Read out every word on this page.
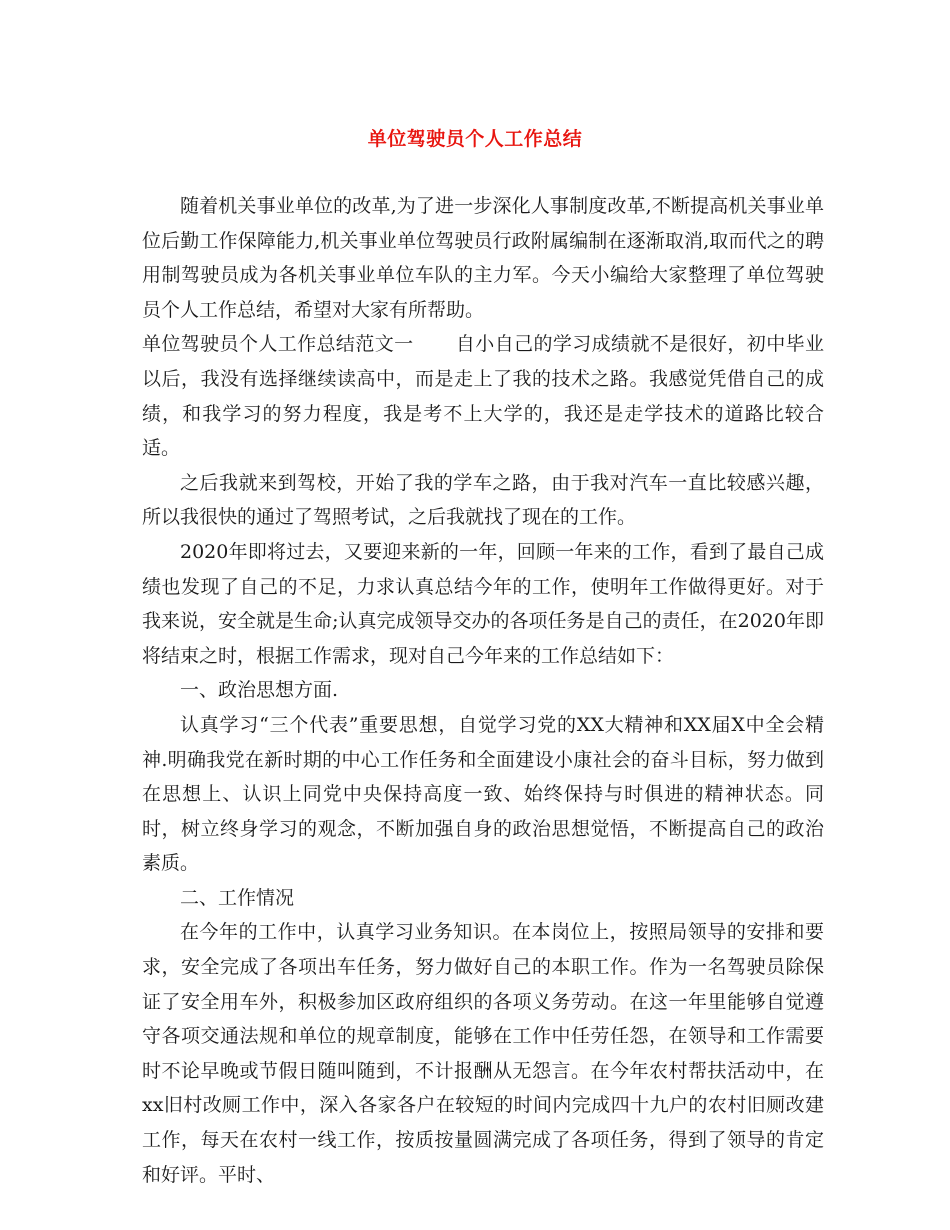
单位驾驶员个人工作总结

随着机关事业单位的改革,为了进一步深化人事制度改革,不断提高机关事业单位后勤工作保障能力,机关事业单位驾驶员行政附属编制在逐渐取消,取而代之的聘用制驾驶员成为各机关事业单位车队的主力军。今天小编给大家整理了单位驾驶员个人工作总结，希望对大家有所帮助。

单位驾驶员个人工作总结范文一 自小自己的学习成绩就不是很好，初中毕业以后，我没有选择继续读高中，而是走上了我的技术之路。我感觉凭借自己的成绩，和我学习的努力程度，我是考不上大学的，我还是走学技术的道路比较合适。

之后我就来到驾校，开始了我的学车之路，由于我对汽车一直比较感兴趣，所以我很快的通过了驾照考试，之后我就找了现在的工作。

2020年即将过去，又要迎来新的一年，回顾一年来的工作，看到了最自己成绩也发现了自己的不足，力求认真总结今年的工作，使明年工作做得更好。对于我来说，安全就是生命;认真完成领导交办的各项任务是自己的责任，在2020年即将结束之时，根据工作需求，现对自己今年来的工作总结如下：

一、政治思想方面.

认真学习“三个代表”重要思想，自觉学习党的XX大精神和XX届X中全会精神.明确我党在新时期的中心工作任务和全面建设小康社会的奋斗目标，努力做到在思想上、认识上同党中央保持高度一致、始终保持与时俱进的精神状态。同时，树立终身学习的观念，不断加强自身的政治思想觉悟，不断提高自己的政治素质。

二、工作情况

在今年的工作中，认真学习业务知识。在本岗位上，按照局领导的安排和要求，安全完成了各项出车任务，努力做好自己的本职工作。作为一名驾驶员除保证了安全用车外，积极参加区政府组织的各项义务劳动。在这一年里能够自觉遵守各项交通法规和单位的规章制度，能够在工作中任劳任怨，在领导和工作需要时不论早晚或节假日随叫随到，不计报酬从无怨言。在今年农村帮扶活动中，在xx旧村改厕工作中，深入各家各户在较短的时间内完成四十九户的农村旧厕改建工作，每天在农村一线工作，按质按量圆满完成了各项任务，得到了领导的肯定和好评。平时、
